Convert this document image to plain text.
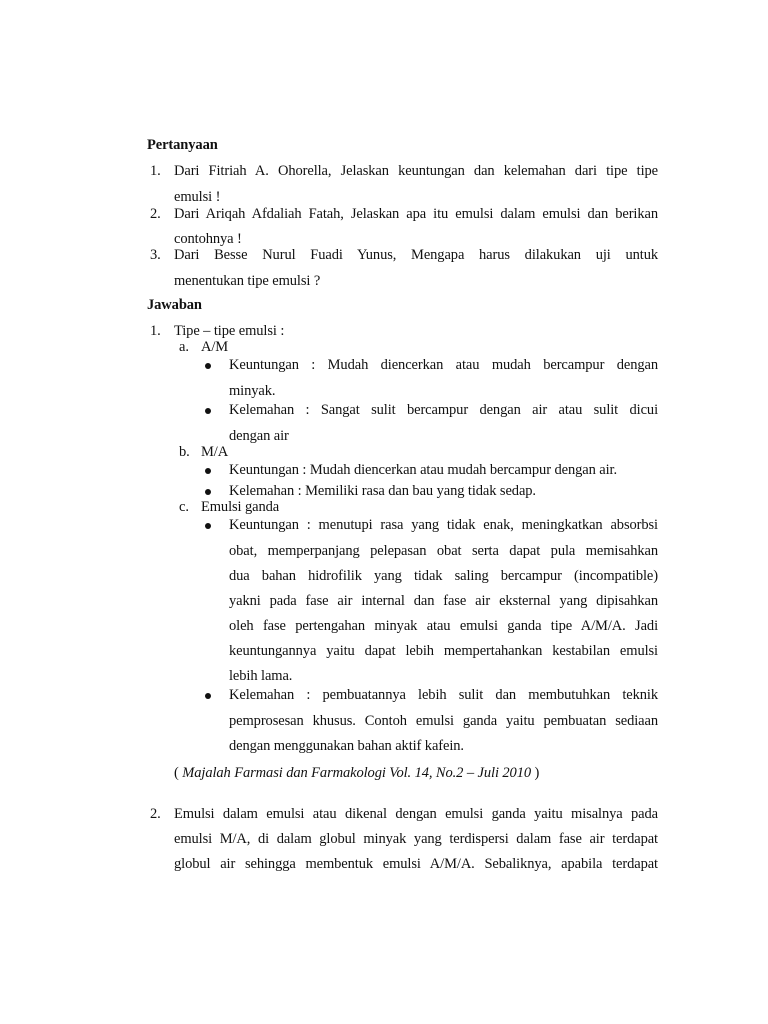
Pertanyaan
1. Dari Fitriah A. Ohorella, Jelaskan keuntungan dan kelemahan dari tipe tipe
emulsi !
2. Dari Ariqah Afdaliah Fatah, Jelaskan apa itu emulsi dalam emulsi dan berikan
contohnya !
3. Dari Besse Nurul Fuadi Yunus, Mengapa harus dilakukan uji untuk
menentukan tipe emulsi ?
Jawaban
1. Tipe – tipe emulsi :
a. A/M
Keuntungan : Mudah diencerkan atau mudah bercampur dengan
minyak.
Kelemahan : Sangat sulit bercampur dengan air atau sulit dicui
dengan air
b. M/A
Keuntungan : Mudah diencerkan atau mudah bercampur dengan air.
Kelemahan : Memiliki rasa dan bau yang tidak sedap.
c. Emulsi ganda
Keuntungan : menutupi rasa yang tidak enak, meningkatkan absorbsi
obat, memperpanjang pelepasan obat serta dapat pula memisahkan
dua bahan hidrofilik yang tidak saling bercampur (incompatible)
yakni pada fase air internal dan fase air eksternal yang dipisahkan
oleh fase pertengahan minyak atau emulsi ganda tipe A/M/A. Jadi
keuntungannya yaitu dapat lebih mempertahankan kestabilan emulsi
lebih lama.
Kelemahan : pembuatannya lebih sulit dan membutuhkan teknik
pemprosesan khusus. Contoh emulsi ganda yaitu pembuatan sediaan
dengan menggunakan bahan aktif kafein.
( Majalah Farmasi dan Farmakologi Vol. 14, No.2 – Juli 2010 )
2. Emulsi dalam emulsi atau dikenal dengan emulsi ganda yaitu misalnya pada
emulsi M/A, di dalam globul minyak yang terdispersi dalam fase air terdapat
globul air sehingga membentuk emulsi A/M/A. Sebaliknya, apabila terdapat
